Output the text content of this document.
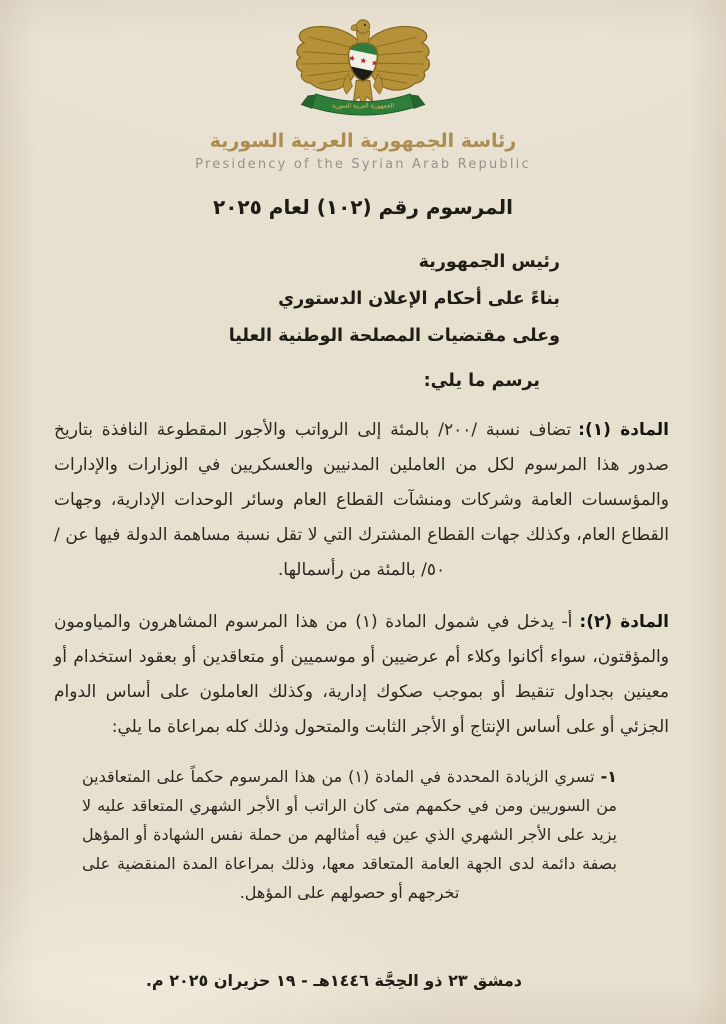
الجمهورية العربية السورية
رئاسة الجمهورية العربية السورية
Presidency of the Syrian Arab Republic
المرسوم رقم (١٠٢) لعام ٢٠٢٥
رئيس الجمهورية
بناءً على أحكام الإعلان الدستوري
وعلى مقتضيات المصلحة الوطنية العليا
يرسم ما يلي:

المادة (١):تضاف نسبة /٢٠٠/ بالمئة إلى الرواتب والأجور المقطوعة النافذة بتاريخ صدور هذا المرسوم لكل من العاملين المدنيين والعسكريين في الوزارات والإدارات والمؤسسات العامة وشركات ومنشآت القطاع العام وسائر الوحدات الإدارية، وجهات القطاع العام، وكذلك جهات القطاع المشترك التي لا تقل نسبة مساهمة الدولة فيها عن /٥٠/ بالمئة من رأسمالها.

المادة (٢):أ- يدخل في شمول المادة (١) من هذا المرسوم المشاهرون والمياومون والمؤقتون، سواء أكانوا وكلاء أم عرضيين أو موسميين أو متعاقدين أو بعقود استخدام أو معينين بجداول تنقيط أو بموجب صكوك إدارية، وكذلك العاملون على أساس الدوام الجزئي أو على أساس الإنتاج أو الأجر الثابت والمتحول وذلك كله بمراعاة ما يلي:

١-تسري الزيادة المحددة في المادة (١) من هذا المرسوم حكماً على المتعاقدين من السوريين ومن في حكمهم متى كان الراتب أو الأجر الشهري المتعاقد عليه لا يزيد على الأجر الشهري الذي عين فيه أمثالهم من حملة نفس الشهادة أو المؤهل بصفة دائمة لدى الجهة العامة المتعاقد معها، وذلك بمراعاة المدة المنقضية على تخرجهم أو حصولهم على المؤهل.

دمشق ٢٣ ذو الحِجَّة ١٤٤٦هـ - ١٩ حزيران ٢٠٢٥ م.
